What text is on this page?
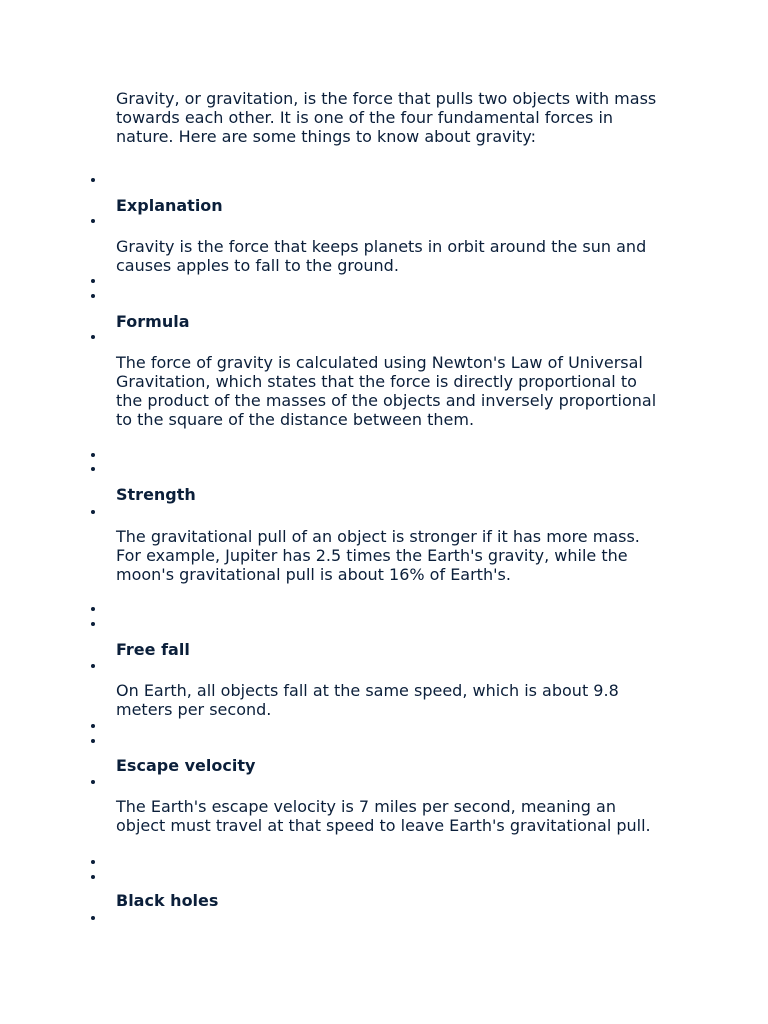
Gravity, or gravitation, is the force that pulls two objects with mass towards each other. It is one of the four fundamental forces in nature. Here are some things to know about gravity:

Explanation

Gravity is the force that keeps planets in orbit around the sun and causes apples to fall to the ground.

Formula

The force of gravity is calculated using Newton's Law of Universal Gravitation, which states that the force is directly proportional to the product of the masses of the objects and inversely proportional to the square of the distance between them.

Strength

The gravitational pull of an object is stronger if it has more mass. For example, Jupiter has 2.5 times the Earth's gravity, while the moon's gravitational pull is about 16% of Earth's.

Free fall

On Earth, all objects fall at the same speed, which is about 9.8 meters per second.

Escape velocity

The Earth's escape velocity is 7 miles per second, meaning an object must travel at that speed to leave Earth's gravitational pull.

Black holes
